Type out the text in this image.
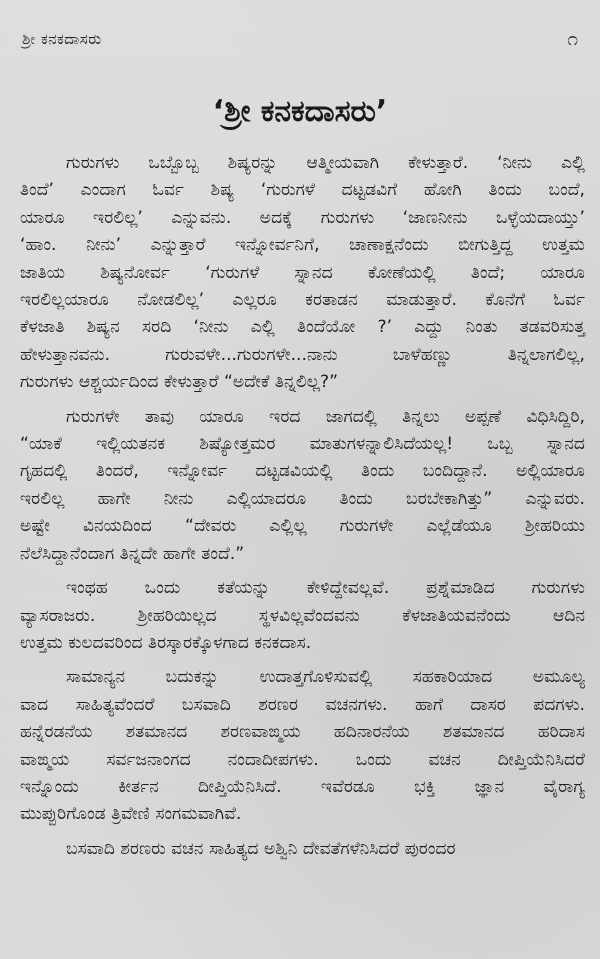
ಶ್ರೀ ಕನಕದಾಸರು	೧
‘ಶ್ರೀ ಕನಕದಾಸರು’

ಗುರುಗಳು ಒಬ್ಬೊಬ್ಬ ಶಿಷ್ಯರನ್ನು ಆತ್ಮೀಯವಾಗಿ ಕೇಳುತ್ತಾರೆ. ‘ನೀನು ಎಲ್ಲಿ
ತಿಂದೆ’ ಎಂದಾಗ ಓರ್ವ ಶಿಷ್ಯ ‘ಗುರುಗಳೆ ದಟ್ಟಡವಿಗೆ ಹೋಗಿ ತಿಂದು ಬಂದೆ,
ಯಾರೂ ಇರಲಿಲ್ಲ’ ಎನ್ನುವನು. ಅದಕ್ಕೆ ಗುರುಗಳು ‘ಜಾಣನೀನು ಒಳ್ಳೆಯದಾಯ್ತು’
‘ಹಾಂ. ನೀನು’ ಎನ್ನುತ್ತಾರೆ ಇನ್ನೋರ್ವನಿಗೆ, ಚಾಣಾಕ್ಷನೆಂದು ಬೀಗುತ್ತಿದ್ದ ಉತ್ತಮ
ಜಾತಿಯ ಶಿಷ್ಯನೋರ್ವ ‘ಗುರುಗಳೆ ಸ್ನಾನದ ಕೋಣೆಯಲ್ಲಿ ತಿಂದೆ; ಯಾರೂ
ಇರಲಿಲ್ಲಯಾರೂ ನೋಡಲಿಲ್ಲ’ ಎಲ್ಲರೂ ಕರತಾಡನ ಮಾಡುತ್ತಾರೆ. ಕೊನೆಗೆ ಓರ್ವ
ಕೆಳಜಾತಿ ಶಿಷ್ಯನ ಸರದಿ ‘ನೀನು ಎಲ್ಲಿ ತಿಂದೆಯೋ ?’ ಎದ್ದು ನಿಂತು ತಡವರಿಸುತ್ತ
ಹೇಳುತ್ತಾನವನು. ಗುರುವಳೇ...ಗುರುಗಳೇ...ನಾನು ಬಾಳೆಹಣ್ಣು ತಿನ್ನಲಾಗಲಿಲ್ಲ,
ಗುರುಗಳು ಆಶ್ಚರ್ಯದಿಂದ ಕೇಳುತ್ತಾರೆ “ಅದೇಕೆ ತಿನ್ನಲಿಲ್ಲ?”

ಗುರುಗಳೇ ತಾವು ಯಾರೂ ಇರದ ಜಾಗದಲ್ಲಿ ತಿನ್ನಲು ಅಪ್ಪಣೆ ವಿಧಿಸಿದ್ದಿರಿ,
“ಯಾಕೆ ಇಲ್ಲಿಯತನಕ ಶಿಷ್ಯೋತ್ತಮರ ಮಾತುಗಳನ್ನಾಲಿಸಿದೆಯಲ್ಲ! ಒಬ್ಬ ಸ್ನಾನದ
ಗೃಹದಲ್ಲಿ ತಿಂದರೆ, ಇನ್ನೋರ್ವ ದಟ್ಟಡವಿಯಲ್ಲಿ ತಿಂದು ಬಂದಿದ್ದಾನೆ. ಅಲ್ಲಿಯಾರೂ
ಇರಲಿಲ್ಲ ಹಾಗೇ ನೀನು ಎಲ್ಲಿಯಾದರೂ ತಿಂದು ಬರಬೇಕಾಗಿತ್ತು” ಎನ್ನುವರು.
ಅಷ್ಟೇ ವಿನಯದಿಂದ “ದೇವರು ಎಲ್ಲಿಲ್ಲ ಗುರುಗಳೇ ಎಲ್ಲೆಡೆಯೂ ಶ್ರೀಹರಿಯು
ನೆಲೆಸಿದ್ದಾನೆಂದಾಗ ತಿನ್ನದೇ ಹಾಗೇ ತಂದೆ.”

ಇಂಥಹ ಒಂದು ಕತೆಯನ್ನು ಕೇಳಿದ್ದೇವಲ್ಲವೆ. ಪ್ರಶ್ನೆಮಾಡಿದ ಗುರುಗಳು
ವ್ಯಾಸರಾಜರು. ಶ್ರೀಹರಿಯಿಲ್ಲದ ಸ್ಥಳವಿಲ್ಲವೆಂದವನು ಕೆಳಜಾತಿಯವನೆಂದು ಆದಿನ
ಉತ್ತಮ ಕುಲದವರಿಂದ ತಿರಸ್ಕಾರಕ್ಕೊಳಗಾದ ಕನಕದಾಸ.

ಸಾಮಾನ್ಯನ ಬದುಕನ್ನು ಉದಾತ್ತಗೊಳಿಸುವಲ್ಲಿ ಸಹಕಾರಿಯಾದ ಅಮೂಲ್ಯ
ವಾದ ಸಾಹಿತ್ಯವೆಂದರೆ ಬಸವಾದಿ ಶರಣರ ವಚನಗಳು. ಹಾಗೆ ದಾಸರ ಪದಗಳು.
ಹನ್ನೆರಡನೆಯ ಶತಮಾನದ ಶರಣವಾಙ್ಮಯ ಹದಿನಾರನೆಯ ಶತಮಾನದ ಹರಿದಾಸ
ವಾಙ್ಮಯ ಸರ್ವಜನಾಂಗದ ನಂದಾದೀಪಗಳು. ಒಂದು ವಚನ ದೀಪ್ತಿಯೆನಿಸಿದರೆ
ಇನ್ನೊಂದು ಕೀರ್ತನ ದೀಪ್ತಿಯೆನಿಸಿದೆ. ಇವೆರಡೂ ಭಕ್ತಿ ಜ್ಞಾನ ವೈರಾಗ್ಯ
ಮುಪ್ಪುರಿಗೊಂಡ ತ್ರಿವೇಣಿ ಸಂಗಮವಾಗಿವೆ.

ಬಸವಾದಿ ಶರಣರು ವಚನ ಸಾಹಿತ್ಯದ ಅಶ್ವಿನಿ ದೇವತೆಗಳೆನಿಸಿದರೆ ಪುರಂದರ
